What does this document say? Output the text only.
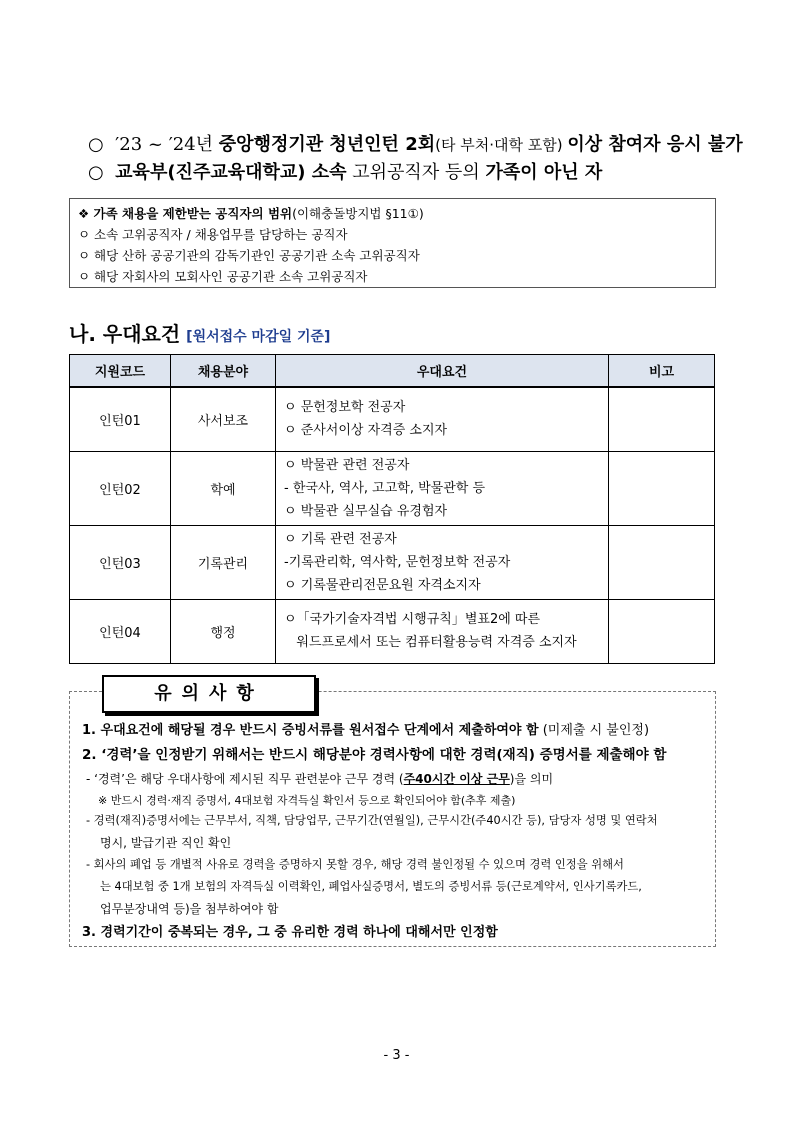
○ ′23 ~ ′24년 중앙행정기관 청년인턴 2회(타 부처·대학 포함) 이상 참여자 응시 불가
○ 교육부(진주교육대학교) 소속 고위공직자 등의 가족이 아닌 자
❖ 가족 채용을 제한받는 공직자의 범위(이해충돌방지법 §11①)
ㅇ 소속 고위공직자 / 채용업무를 담당하는 공직자
ㅇ 해당 산하 공공기관의 감독기관인 공공기관 소속 고위공직자
ㅇ 해당 자회사의 모회사인 공공기관 소속 고위공직자
나. 우대요건 [원서접수 마감일 기준]
지원코드	채용분야	우대요건	비고
인턴01	사서보조	ㅇ 문헌정보학 전공자
ㅇ 준사서이상 자격증 소지자	

인턴02	학예	ㅇ 박물관 관련 전공자
- 한국사, 역사, 고고학, 박물관학 등
ㅇ 박물관 실무실습 유경험자	

인턴03	기록관리	ㅇ 기록 관련 전공자
-기록관리학, 역사학, 문헌정보학 전공자
ㅇ 기록물관리전문요원 자격소지자	

인턴04	행정	ㅇ「국가기술자격법 시행규칙」별표2에 따른
워드프로세서 또는 컴퓨터활용능력 자격증 소지자	

1. 우대요건에 해당될 경우 반드시 증빙서류를 원서접수 단계에서 제출하여야 함 (미제출 시 불인정)
2. ‘경력’을 인정받기 위해서는 반드시 해당분야 경력사항에 대한 경력(재직) 증명서를 제출해야 함
- ‘경력’은 해당 우대사항에 제시된 직무 관련분야 근무 경력 (주40시간 이상 근무)을 의미
※ 반드시 경력·재직 증명서, 4대보험 자격득실 확인서 등으로 확인되어야 함(추후 제출)
- 경력(재직)증명서에는 근무부서, 직책, 담당업무, 근무기간(연월일), 근무시간(주40시간 등), 담당자 성명 및 연락처
명시, 발급기관 직인 확인
- 회사의 폐업 등 개별적 사유로 경력을 증명하지 못할 경우, 해당 경력 불인정될 수 있으며 경력 인정을 위해서
는 4대보험 중 1개 보험의 자격득실 이력확인, 폐업사실증명서, 별도의 증빙서류 등(근로계약서, 인사기록카드,
업무분장내역 등)을 첨부하여야 함
3. 경력기간이 중복되는 경우, 그 중 유리한 경력 하나에 대해서만 인정함
유의사항
- 3 -
